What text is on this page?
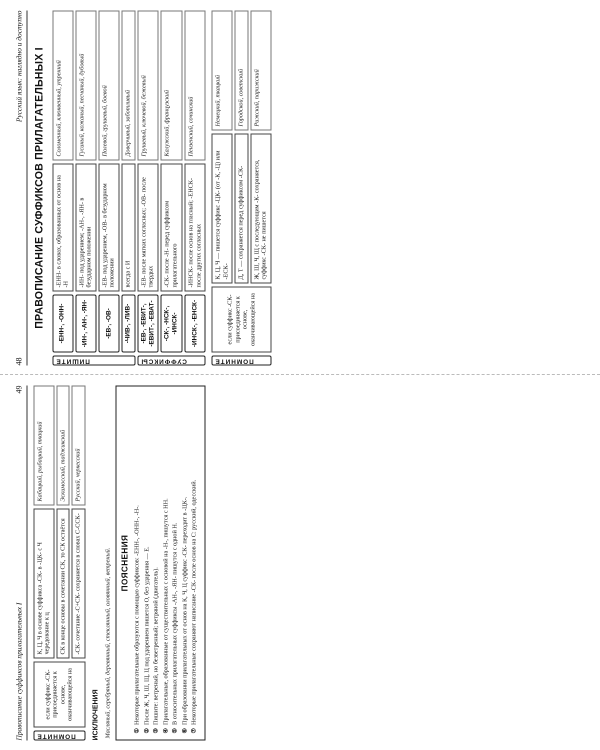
48
Русский язык: наглядно и доступно ПРАВОПИСАНИЕ СУФФИКСОВ ПРИЛАГАТЕЛЬНЫХ I
ПИШИТЕ
-ЕНН-, -ОНН-
-ЕНН- в словах, образованных от основ на -Н
Соломенный, клюквенный, утренний
-ИН-, -АН-, -ЯН-
-ИН- под ударением; -АН-, -ЯН- в безударном положении
Гусиный, кожаный, песчаный, дубовый
-ЕВ-, -ОВ-
-ЕВ- под ударением, -ОВ- в безударном положении
Полевой, грушевый, боевой
-ЧИВ-, -ЛИВ-
всегда с И
Доверчивый, заботливый
СУФФИКСЫ
-ЕВ-, -ЕВИТ-, -ЕВИТ-, -ЕВАТ-
-ЕВ- после мягких согласных; -ОВ- после твердых
Грушевый, ключевой, бежевый
-СК-, -НСК-, -ИНСК-
-СК- после -Н- перед суффиксом прилагательного
Калужский, французский
-ИНСК-, -ЕНСК-
-ИНСК- после основ на гласный; -ЕНСК- после других согласных
Пензенский, сочинский
ПОМНИТЕ
если суффикс -СК- присоединяется к основе, оканчивающейся на
К, Ц, Ч — пишется суффикс -ЦК- (от -К, -Ц) или -ЕСК-
Немецкий, ткацкий
Д, Т — сохраняется перед суффиксом -СК-
Городской, советский
Ж, Ш, Ч, Щ с последующим -К- сохраняется, суффикс -СК- не пишется
Рижский, парижский
Правописание суффиксов прилагательных I
49
ПОМНИТЕ
если суффикс -СК- присоединяется к основе, оканчивающейся на
К, Ц, Ч в основе суффикса -СК- в -ЦК- с Ч чередование к ц
Кабацкий, рыбацкий, ткацкий
СК в конце основы в сочетании СК, то СК остаётся
Эскимосский, таджикский
-СК- сочетание -С+СК- сохраняется в словах С-ССК-
Русский, черкесский
ИСКЛЮЧЕНИЯ Масляный, серебряный, деревянный, стеклянный, оловянный, ветреный. ПОЯСНЕНИЯ
①Некоторые прилагательные образуются с помощью суффиксов: -ЕНН-, -ОНН-, -Н-.
②После Ж, Ч, Ш, Щ, Ц под ударением пишется О, без ударения — Е.
③Пишите: ветреный, но безветренный; ветряной (двигатель).
④Прилагательные, образованные от существительных с основой на -Н-, пишутся с НН.
⑤В относительных прилагательных суффиксы -АН-, -ЯН- пишутся с одной Н.
⑥При образовании прилагательных от основ на К, Ч, Ц суффикс -СК- переходит в -ЦК-.
⑦Некоторые прилагательные сохраняют написание -СК- после основ на С: русский, одесский.
